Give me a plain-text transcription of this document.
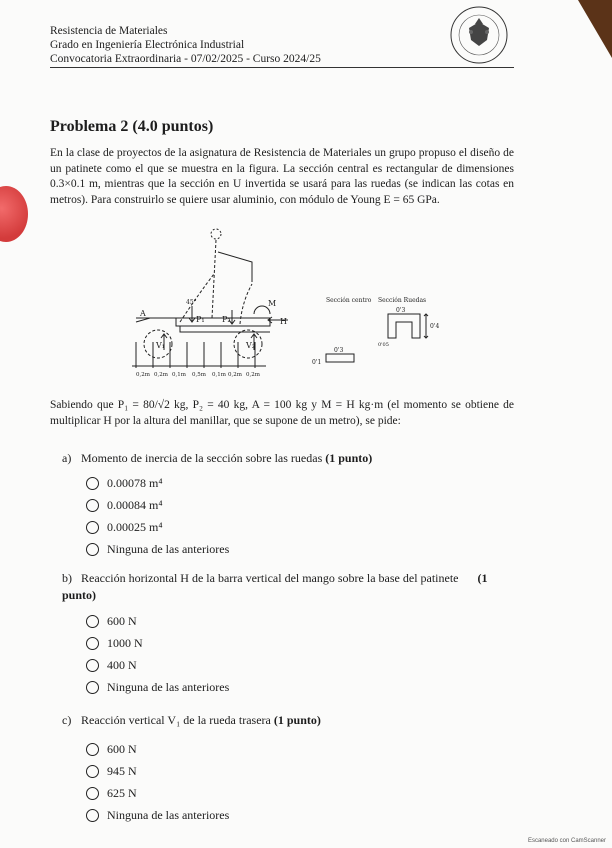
Resistencia de Materiales
Grado en Ingeniería Electrónica Industrial
Convocatoria Extraordinaria - 07/02/2025 - Curso 2024/25
Problema 2 (4.0 puntos)
En la clase de proyectos de la asignatura de Resistencia de Materiales un grupo propuso el diseño de un patinete como el que se muestra en la figura. La sección central es rectangular de dimensiones 0.3×0.1 m, mientras que la sección en U invertida se usará para las ruedas (se indican las cotas en metros). Para construirlo se quiere usar aluminio, con módulo de Young E = 65 GPa.
A
P₁ P₂
M
H
V₁	V₂
45°	Sección centro Sección Ruedas
0'1
0'3
0'3
0'4
0'05
0,2m 0,2m 0,1m 0,5m 0,1m 0,2m 0,2m
Sabiendo que P₁ = 80/√2 kg, P₂ = 40 kg, A = 100 kg y M = H kg·m (el momento se obtiene de multiplicar H por la altura del manillar, que se supone de un metro), se pide:
a) Momento de inercia de la sección sobre las ruedas (1 punto)
0.00078 m⁴
0.00084 m⁴
0.00025 m⁴
Ninguna de las anteriores
b) Reacción horizontal H de la barra vertical del mango sobre la base del patinete (1 punto)
600 N
1000 N
400 N
Ninguna de las anteriores
c) Reacción vertical V₁ de la rueda trasera (1 punto)
600 N
945 N
625 N
Ninguna de las anteriores
Escaneado con CamScanner
